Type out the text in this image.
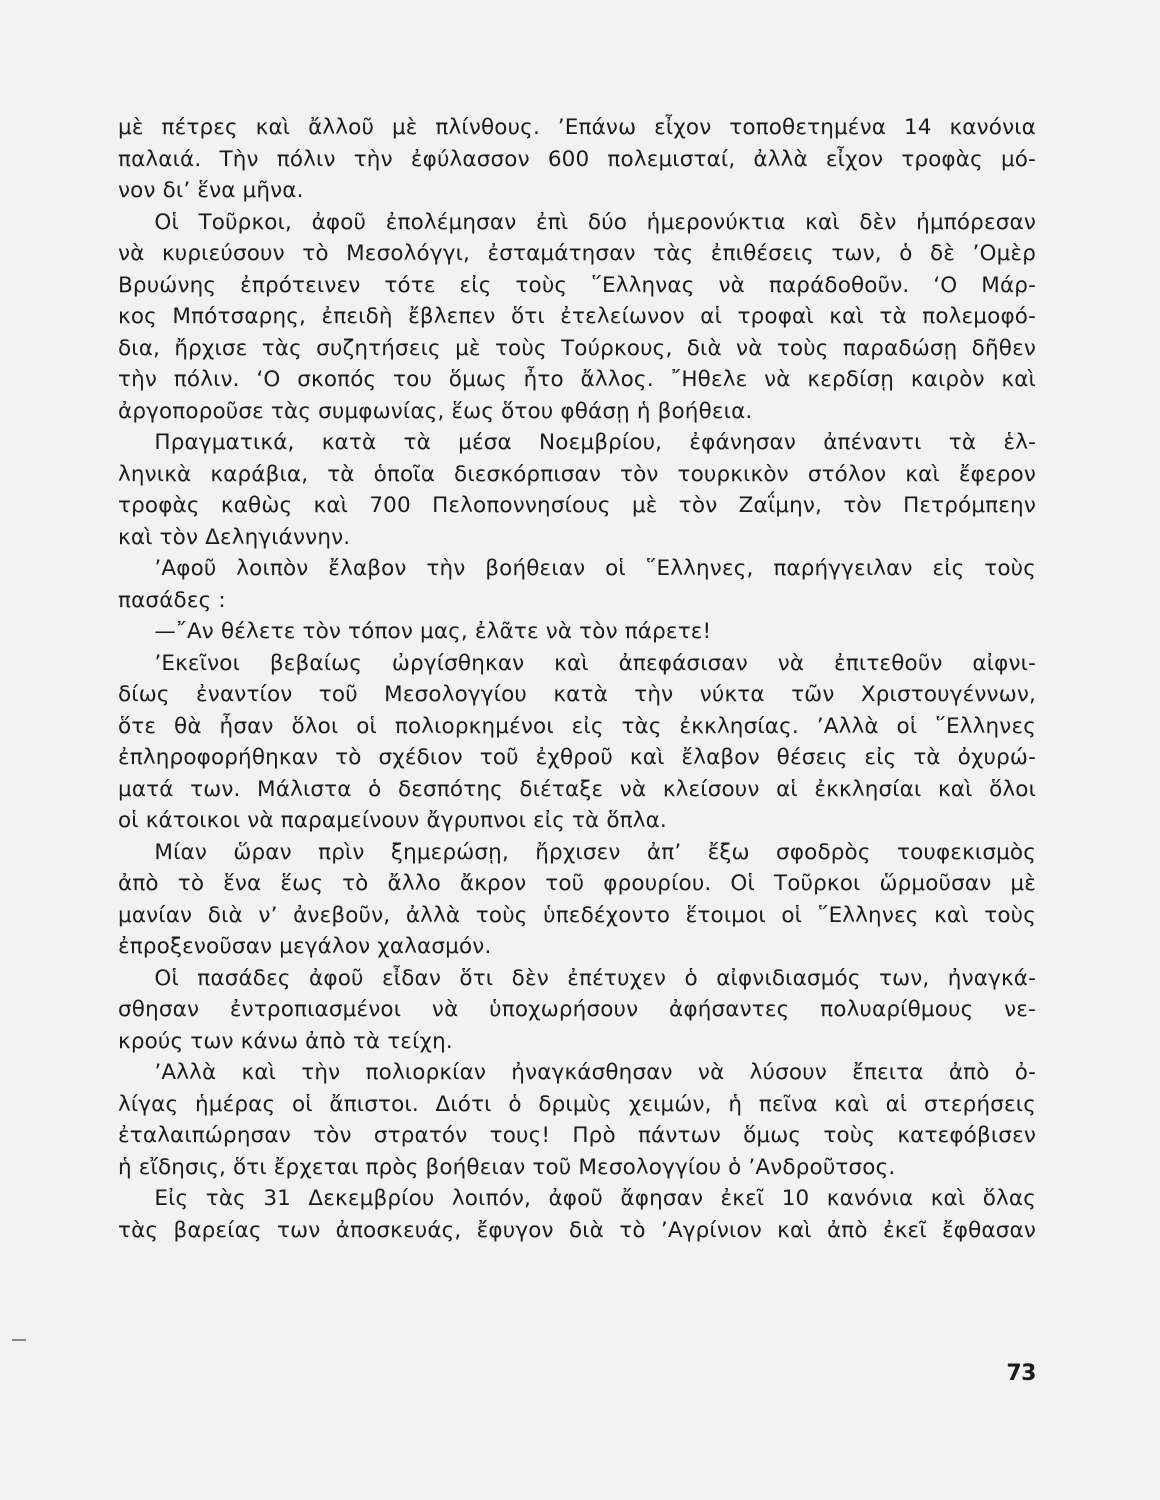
μὲ πέτρες καὶ ἄλλοῦ μὲ πλίνθους. ’Επάνω εἶχον τοποθετημένα 14 κανόνια
παλαιά. Τὴν πόλιν τὴν ἐφύλασσον 600 πολεμισταί, ἀλλὰ εἶχον τροφὰς μό-
νον δι’ ἕνα μῆνα.
Οἱ Τοῦρκοι, ἀφοῦ ἐπολέμησαν ἐπὶ δύο ἡμερονύκτια καὶ δὲν ἠμπόρεσαν
νὰ κυριεύσουν τὸ Μεσολόγγι, ἐσταμάτησαν τὰς ἐπιθέσεις των, ὁ δὲ ’Ομὲρ
Βρυώνης ἐπρότεινεν τότε εἰς τοὺς ῞Ελληνας νὰ παράδοθοῦν. ‘Ο Μάρ-
κος Μπότσαρης, ἐπειδὴ ἔβλεπεν ὅτι ἐτελείωνον αἱ τροφαὶ καὶ τὰ πολεμοφό-
δια, ἤρχισε τὰς συζητήσεις μὲ τοὺς Τούρκους, διὰ νὰ τοὺς παραδώσῃ δῆθεν
τὴν πόλιν. ‘Ο σκοπός του ὅμως ἦτο ἄλλος. ῎Ηθελε νὰ κερδίσῃ καιρὸν καὶ
ἀργοποροῦσε τὰς συμφωνίας, ἕως ὅτου φθάσῃ ἡ βοήθεια.
Πραγματικά, κατὰ τὰ μέσα Νοεμβρίου, ἐφάνησαν ἀπέναντι τὰ ἑλ-
ληνικὰ καράβια, τὰ ὁποῖα διεσκόρπισαν τὸν τουρκικὸν στόλον καὶ ἔφερον
τροφὰς καθὼς καὶ 700 Πελοποννησίους μὲ τὸν Ζαΐμην, τὸν Πετρόμπεην
καὶ τὸν Δεληγιάννην.
’Αφοῦ λοιπὸν ἔλαβον τὴν βοήθειαν οἱ ῞Ελληνες, παρήγγειλαν εἰς τοὺς
πασάδες :
—῎Αν θέλετε τὸν τόπον μας, ἐλᾶτε νὰ τὸν πάρετε!
’Εκεῖνοι βεβαίως ὠργίσθηκαν καὶ ἀπεφάσισαν νὰ ἐπιτεθοῦν αἰφνι-
δίως ἐναντίον τοῦ Μεσολογγίου κατὰ τὴν νύκτα τῶν Χριστουγέννων,
ὅτε θὰ ἦσαν ὅλοι οἱ πολιορκημένοι εἰς τὰς ἐκκλησίας. ’Αλλὰ οἱ ῞Ελληνες
ἐπληροφορήθηκαν τὸ σχέδιον τοῦ ἐχθροῦ καὶ ἔλαβον θέσεις εἰς τὰ ὀχυρώ-
ματά των. Μάλιστα ὁ δεσπότης διέταξε νὰ κλείσουν αἱ ἐκκλησίαι καὶ ὅλοι
οἱ κάτοικοι νὰ παραμείνουν ἄγρυπνοι εἰς τὰ ὅπλα.
Μίαν ὥραν πρὶν ξημερώσῃ, ἤρχισεν ἀπ’ ἔξω σφοδρὸς τουφεκισμὸς
ἀπὸ τὸ ἕνα ἕως τὸ ἄλλο ἄκρον τοῦ φρουρίου. Οἱ Τοῦρκοι ὥρμοῦσαν μὲ
μανίαν διὰ ν’ ἀνεβοῦν, ἀλλὰ τοὺς ὑπεδέχοντο ἕτοιμοι οἱ ῞Ελληνες καὶ τοὺς
ἐπροξενοῦσαν μεγάλον χαλασμόν.
Οἱ πασάδες ἀφοῦ εἶδαν ὅτι δὲν ἐπέτυχεν ὁ αἰφνιδιασμός των, ἠναγκά-
σθησαν ἐντροπιασμένοι νὰ ὑποχωρήσουν ἀφήσαντες πολυαρίθμους νε-
κρούς των κάνω ἀπὸ τὰ τείχη.
’Αλλὰ καὶ τὴν πολιορκίαν ἠναγκάσθησαν νὰ λύσουν ἔπειτα ἀπὸ ὀ-
λίγας ἡμέρας οἱ ἄπιστοι. Διότι ὁ δριμὺς χειμών, ἡ πεῖνα καὶ αἱ στερήσεις
ἐταλαιπώρησαν τὸν στρατόν τους! Πρὸ πάντων ὅμως τοὺς κατεφόβισεν
ἡ εἴδησις, ὅτι ἔρχεται πρὸς βοήθειαν τοῦ Μεσολογγίου ὁ ’Ανδροῦτσος.
Εἰς τὰς 31 Δεκεμβρίου λοιπόν, ἀφοῦ ἄφησαν ἐκεῖ 10 κανόνια καὶ ὅλας
τὰς βαρείας των ἀποσκευάς, ἔφυγον διὰ τὸ ’Αγρίνιον καὶ ἀπὸ ἐκεῖ ἔφθασαν
73
